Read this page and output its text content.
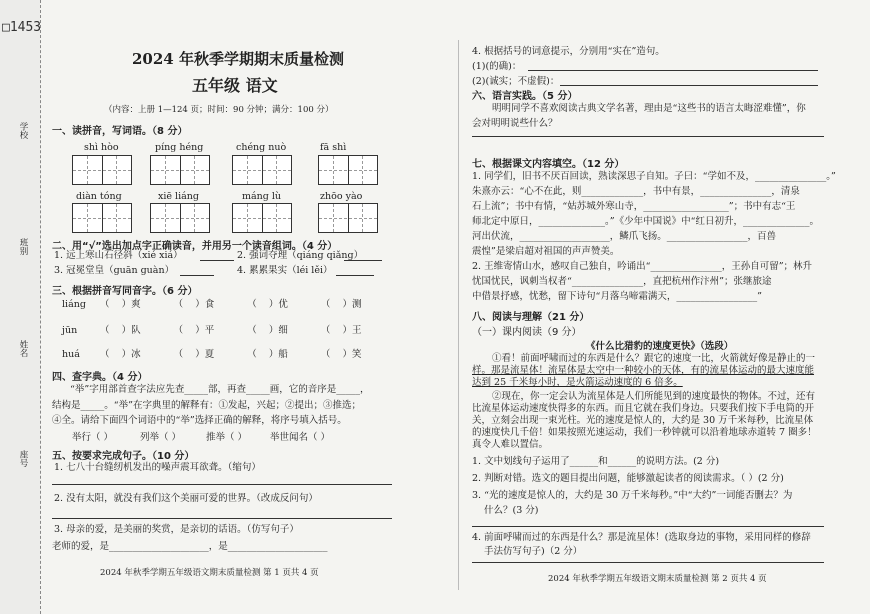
□1453
学校
班别
姓名
座号
2024 年秋季学期期末质量检测
五年级 语文
（内容：上册 1—124 页；时间：90 分钟；满分：100 分）
一、读拼音，写词语。（8 分）
shì hòo	píng héng	chéng nuò	fā shì
diàn tóng	xiē liáng	máng lù	zhōo yào
二、用“√”选出加点字正确读音，并用另一个读音组词。（4 分）
1. 远上寒山石径斜（xié xiá）	2. 强词夺理（qiáng qiǎng）
3. 冠冕堂皇（guān guàn）	4. 累累果实（léi lěi）
三、根据拼音写同音字。（6 分）
liáng （    ）爽	（    ）食	（    ）优	（    ）测
jūn （    ）队	（    ）平	（    ）细	（    ）王
huá （    ）冰	（    ）夏	（    ）船	（    ）笑
四、查字典。（4 分）
“举”字用部首查字法应先查_____部，再查_____画，它的音序是_____，
结构是_____。“举”在字典里的解释有：①发起，兴起；②提出；③推选；
④全。请给下面四个词语中的“举”选择正确的解释，将序号填入括号。
举行（ ）	列举（ ）	推举（ ） 举世闻名（ ）
五、按要求完成句子。（10 分）
1. 七八十台缝纫机发出的噪声震耳欲聋。（缩句）
2. 没有太阳，就没有我们这个美丽可爱的世界。（改成反问句）
3. 母亲的爱，是美丽的奖赏，是亲切的话语。（仿写句子）
老师的爱，是_____________________，是_____________________
2024 年秋季学期五年级语文期末质量检测 第 1 页共 4 页
4. 根据括号的词意提示，分别用“实在”造句。
(1)(的确)：
(2)(诚实；不虚假)：
六、语言实践。（5 分）
明明同学不喜欢阅读古典文学名著，理由是“这些书的语言太晦涩难懂”，你
会对明明说些什么？
七、根据课文内容填空。（12 分）
1. 同学们，旧书不厌百回读，熟读深思子自知。子曰：“学如不及，_______________。”
朱熹亦云：“心不在此，则_____________，书中有景，_______________，清泉
石上流”；书中有情，“姑苏城外寒山寺，__________________”；书中有志“王
师北定中原日，______________。”《少年中国说》中“红日初升，______________。
河出伏流，___________________，鳞爪飞扬。_________________，百兽
震惶”是梁启超对祖国的声声赞美。
2. 王维寄情山水，感叹自己独自，吟诵出“_______________，王孙自可留”；林升
忧国忧民，讽刺当权者“_______________，直把杭州作汴州”；张继旅途
中借景抒感，忧愁，留下诗句“月落乌啼霜满天，_________________”
八、阅读与理解（21 分）
（一）课内阅读（9 分）
《什么比猎豹的速度更快》（选段）
①看！前面呼啸而过的东西是什么？跟它的速度一比，火箭就好像是静止的一
样。那是流星体！流星体是太空中一种较小的天体，有的流星体运动的最大速度能
达到 25 千米每小时，是火箭运动速度的 6 倍多。
②现在，你一定会认为流星体是人们所能见到的速度最快的物体。不过，还有
比流星体运动速度快得多的东西。而且它就在我们身边。只要我们按下手电筒的开
关，立刻会出现一束光柱。光的速度是惊人的，大约是 30 万千米每秒，比流星体
的速度快几千倍！如果按照光速运动，我们一秒钟就可以沿着地球赤道转 7 圈多！
真令人难以置信。
1. 文中划线句子运用了______和______的说明方法。(2 分)
2. 判断对错。选文的题目提出问题，能够激起读者的阅读需求。（ ）(2 分)
3. “光的速度是惊人的，大约是 30 万千米每秒。”中“大约”一词能否删去？为
什么？(3 分)
4. 前面呼啸而过的东西是什么？那是流星体！(选取身边的事物，采用同样的修辞
手法仿写句子)（2 分）
2024 年秋季学期五年级语文期末质量检测 第 2 页共 4 页
